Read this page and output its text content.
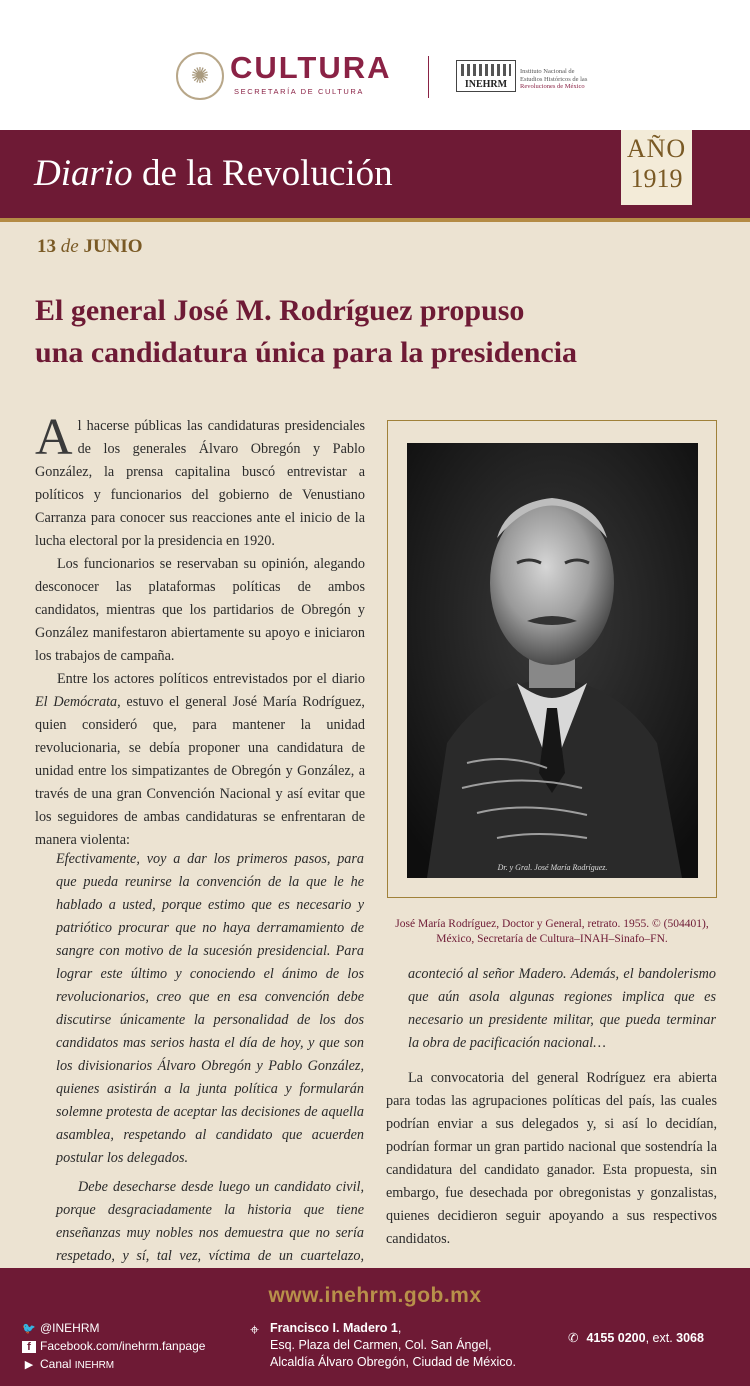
✺ CULTURA
SECRETARÍA DE CULTURA
INEHRM
Instituto Nacional de
Estudios Históricos de las
Revoluciones de México
Diario de la Revolución
AÑO
1919
13 de JUNIO
El general José M. Rodríguez propuso
una candidatura única para la presidencia

Al hacerse públicas las candidaturas presidenciales de los generales Álvaro Obregón y Pablo González, la prensa capitalina buscó entrevistar a políticos y funcionarios del gobierno de Venustiano Carranza para conocer sus reacciones ante el inicio de la lucha electoral por la presidencia en 1920.

Los funcionarios se reservaban su opinión, alegando desconocer las plataformas políticas de ambos candidatos, mientras que los partidarios de Obregón y González manifestaron abiertamente su apoyo e iniciaron los trabajos de campaña.

Entre los actores políticos entrevistados por el diario El Demócrata, estuvo el general José María Rodríguez, quien consideró que, para mantener la unidad revolucionaria, se debía proponer una candidatura de unidad entre los simpatizantes de Obregón y González, a través de una gran Convención Nacional y así evitar que los seguidores de ambas candidaturas se enfrentaran de manera violenta:

Efectivamente, voy a dar los primeros pasos, para que pueda reunirse la convención de la que le he hablado a usted, porque estimo que es necesario y patriótico procurar que no haya derramamiento de sangre con motivo de la sucesión presidencial. Para lograr este último y conociendo el ánimo de los revolucionarios, creo que en esa convención debe discutirse únicamente la personalidad de los dos candidatos mas serios hasta el día de hoy, y que son los divisionarios Álvaro Obregón y Pablo González, quienes asistirán a la junta política y formularán solemne protesta de aceptar las decisiones de aquella asamblea, respetando al candidato que acuerden postular los delegados.

Debe desecharse desde luego un candidato civil, porque desgraciadamente la historia que tiene enseñanzas muy nobles nos demuestra que no sería respetado, y sí, tal vez, víctima de un cuartelazo,

Dr. y Gral. José María Rodríguez.
José María Rodríguez, Doctor y General, retrato. 1955. © (504401),
México, Secretaría de Cultura–INAH–Sinafo–FN.

aconteció al señor Madero. Además, el bandolerismo que aún asola algunas regiones implica que es necesario un presidente militar, que pueda terminar la obra de pacificación nacional…

La convocatoria del general Rodríguez era abierta para todas las agrupaciones políticas del país, las cuales podrían enviar a sus delegados y, si así lo decidían, podrían formar un gran partido nacional que sostendría la candidatura del candidato ganador. Esta propuesta, sin embargo, fue desechada por obregonistas y gonzalistas, quienes decidieron seguir apoyando a sus respectivos candidatos.

www.inehrm.gob.mx
🐦 @INEHRM
f Facebook.com/inehrm.fanpage
▶ Canal INEHRM
⌖ Francisco I. Madero 1,
Esq. Plaza del Carmen, Col. San Ángel,
Alcaldía Álvaro Obregón, Ciudad de México.
✆ 4155 0200, ext. 3068
